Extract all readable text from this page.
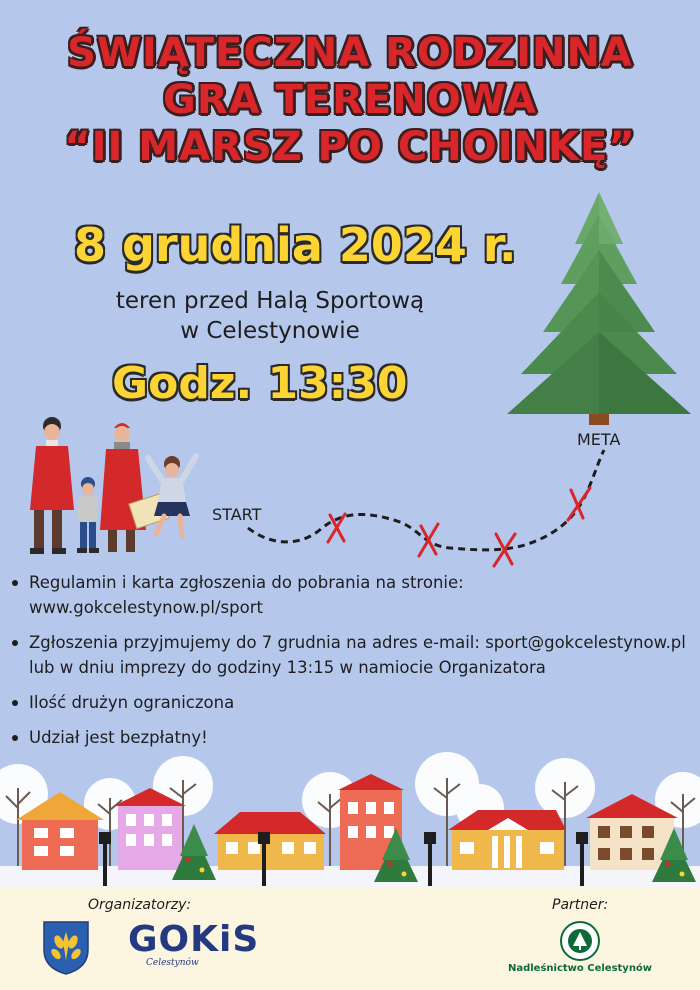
ŚWIĄTECZNA RODZINNA
GRA TERENOWA
“II MARSZ PO CHOINKĘ”
8 grudnia 2024 r.
teren przed Halą Sportową
w Celestynowie
Godz. 13:30
START
META
Regulamin i karta zgłoszenia do pobrania na stronie:
www.gokcelestynow.pl/sport
Zgłoszenia przyjmujemy do 7 grudnia na adres e-mail: sport@gokcelestynow.pl
lub w dniu imprezy do godziny 13:15 w namiocie Organizatora
Ilość drużyn ograniczona
Udział jest bezpłatny!
Organizatorzy:	Partner:
GOKiS
Celestynów	Nadleśnictwo Celestynów
